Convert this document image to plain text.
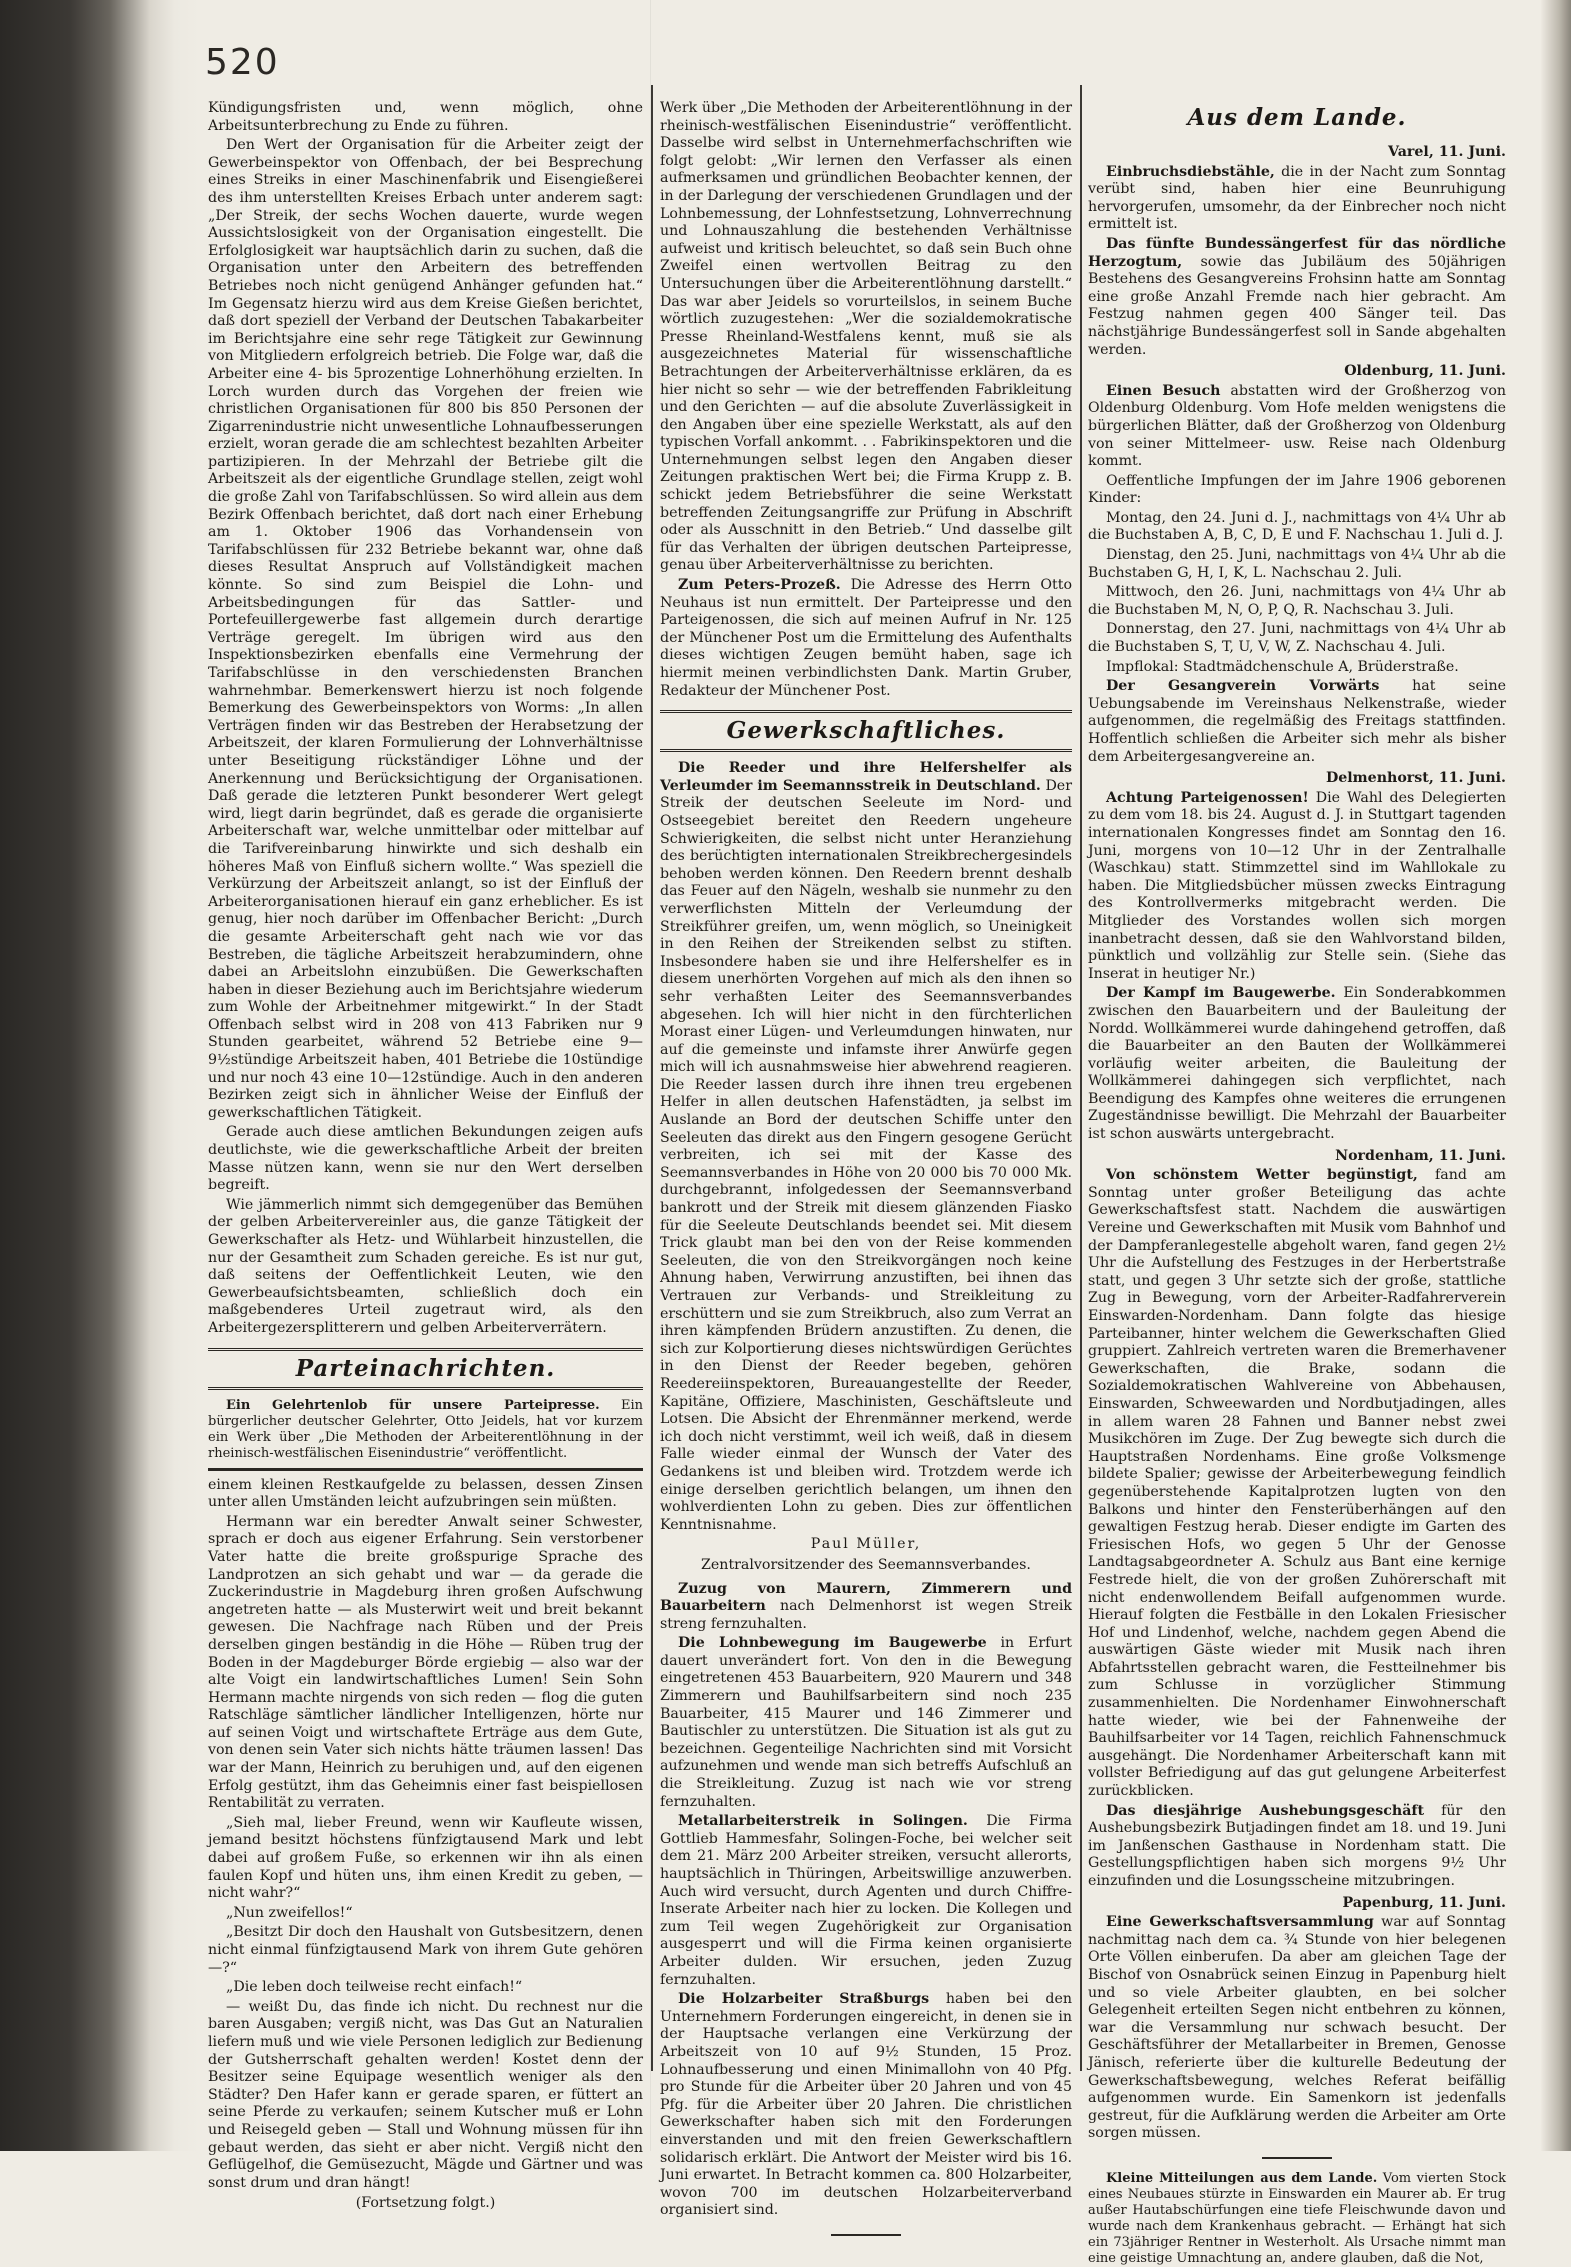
520

Kündigungsfristen und, wenn möglich, ohne Arbeitsunterbrechung zu Ende zu führen.

Den Wert der Organisation für die Arbeiter zeigt der Gewerbeinspektor von Offenbach, der bei Besprechung eines Streiks in einer Maschinenfabrik und Eisengießerei des ihm unterstellten Kreises Erbach unter anderem sagt: „Der Streik, der sechs Wochen dauerte, wurde wegen Aussichtslosigkeit von der Organisation eingestellt. Die Erfolglosigkeit war hauptsächlich darin zu suchen, daß die Organisation unter den Arbeitern des betreffenden Betriebes noch nicht genügend Anhänger gefunden hat.“ Im Gegensatz hierzu wird aus dem Kreise Gießen berichtet, daß dort speziell der Verband der Deutschen Tabakarbeiter im Berichtsjahre eine sehr rege Tätigkeit zur Gewinnung von Mitgliedern erfolgreich betrieb. Die Folge war, daß die Arbeiter eine 4- bis 5prozentige Lohnerhöhung erzielten. In Lorch wurden durch das Vorgehen der freien wie christlichen Organisationen für 800 bis 850 Personen der Zigarrenindustrie nicht unwesentliche Lohnaufbesserungen erzielt, woran gerade die am schlechtest bezahlten Arbeiter partizipieren. In der Mehrzahl der Betriebe gilt die Arbeitszeit als der eigentliche Grundlage stellen, zeigt wohl die große Zahl von Tarifabschlüssen. So wird allein aus dem Bezirk Offenbach berichtet, daß dort nach einer Erhebung am 1. Oktober 1906 das Vorhandensein von Tarifabschlüssen für 232 Betriebe bekannt war, ohne daß dieses Resultat Anspruch auf Vollständigkeit machen könnte. So sind zum Beispiel die Lohn- und Arbeitsbedingungen für das Sattler- und Portefeuillergewerbe fast allgemein durch derartige Verträge geregelt. Im übrigen wird aus den Inspektionsbezirken ebenfalls eine Vermehrung der Tarifabschlüsse in den verschiedensten Branchen wahrnehmbar. Bemerkenswert hierzu ist noch folgende Bemerkung des Gewerbeinspektors von Worms: „In allen Verträgen finden wir das Bestreben der Herabsetzung der Arbeitszeit, der klaren Formulierung der Lohnverhältnisse unter Beseitigung rückständiger Löhne und der Anerkennung und Berücksichtigung der Organisationen. Daß gerade die letzteren Punkt besonderer Wert gelegt wird, liegt darin begründet, daß es gerade die organisierte Arbeiterschaft war, welche unmittelbar oder mittelbar auf die Tarifvereinbarung hinwirkte und sich deshalb ein höheres Maß von Einfluß sichern wollte.“ Was speziell die Verkürzung der Arbeitszeit anlangt, so ist der Einfluß der Arbeiterorganisationen hierauf ein ganz erheblicher. Es ist genug, hier noch darüber im Offenbacher Bericht: „Durch die gesamte Arbeiterschaft geht nach wie vor das Bestreben, die tägliche Arbeitszeit herabzumindern, ohne dabei an Arbeitslohn einzubüßen. Die Gewerkschaften haben in dieser Beziehung auch im Berichtsjahre wiederum zum Wohle der Arbeitnehmer mitgewirkt.“ In der Stadt Offenbach selbst wird in 208 von 413 Fabriken nur 9 Stunden gearbeitet, während 52 Betriebe eine 9—9½stündige Arbeitszeit haben, 401 Betriebe die 10stündige und nur noch 43 eine 10—12stündige. Auch in den anderen Bezirken zeigt sich in ähnlicher Weise der Einfluß der gewerkschaftlichen Tätigkeit.

Gerade auch diese amtlichen Bekundungen zeigen aufs deutlichste, wie die gewerkschaftliche Arbeit der breiten Masse nützen kann, wenn sie nur den Wert derselben begreift.

Wie jämmerlich nimmt sich demgegenüber das Bemühen der gelben Arbeitervereinler aus, die ganze Tätigkeit der Gewerkschafter als Hetz- und Wühlarbeit hinzustellen, die nur der Gesamtheit zum Schaden gereiche. Es ist nur gut, daß seitens der Oeffentlichkeit Leuten, wie den Gewerbeaufsichtsbeamten, schließlich doch ein maßgebenderes Urteil zugetraut wird, als den Arbeitergezersplitterern und gelben Arbeiterverrätern.

Parteinachrichten.

Ein Gelehrtenlob für unsere Parteipresse. Ein bürgerlicher deutscher Gelehrter, Otto Jeidels, hat vor kurzem ein Werk über „Die Methoden der Arbeiterentlöhnung in der rheinisch-westfälischen Eisenindustrie“ veröffentlicht.

einem kleinen Restkaufgelde zu belassen, dessen Zinsen unter allen Umständen leicht aufzubringen sein müßten.

Hermann war ein beredter Anwalt seiner Schwester, sprach er doch aus eigener Erfahrung. Sein verstorbener Vater hatte die breite großspurige Sprache des Landprotzen an sich gehabt und war — da gerade die Zuckerindustrie in Magdeburg ihren großen Aufschwung angetreten hatte — als Musterwirt weit und breit bekannt gewesen. Die Nachfrage nach Rüben und der Preis derselben gingen beständig in die Höhe — Rüben trug der Boden in der Magdeburger Börde ergiebig — also war der alte Voigt ein landwirtschaftliches Lumen! Sein Sohn Hermann machte nirgends von sich reden — flog die guten Ratschläge sämtlicher ländlicher Intelligenzen, hörte nur auf seinen Voigt und wirtschaftete Erträge aus dem Gute, von denen sein Vater sich nichts hätte träumen lassen! Das war der Mann, Heinrich zu beruhigen und, auf den eigenen Erfolg gestützt, ihm das Geheimnis einer fast beispiellosen Rentabilität zu verraten.

„Sieh mal, lieber Freund, wenn wir Kaufleute wissen, jemand besitzt höchstens fünfzigtausend Mark und lebt dabei auf großem Fuße, so erkennen wir ihn als einen faulen Kopf und hüten uns, ihm einen Kredit zu geben, — nicht wahr?“

„Nun zweifellos!“

„Besitzt Dir doch den Haushalt von Gutsbesitzern, denen nicht einmal fünfzigtausend Mark von ihrem Gute gehören —?“

„Die leben doch teilweise recht einfach!“

— weißt Du, das finde ich nicht. Du rechnest nur die baren Ausgaben; vergiß nicht, was Das Gut an Naturalien liefern muß und wie viele Personen lediglich zur Bedienung der Gutsherrschaft gehalten werden! Kostet denn der Besitzer seine Equipage wesentlich weniger als den Städter? Den Hafer kann er gerade sparen, er füttert an seine Pferde zu verkaufen; seinem Kutscher muß er Lohn und Reisegeld geben — Stall und Wohnung müssen für ihn gebaut werden, das sieht er aber nicht. Vergiß nicht den Geflügelhof, die Gemüsezucht, Mägde und Gärtner und was sonst drum und dran hängt!

(Fortsetzung folgt.)

Werk über „Die Methoden der Arbeiterentlöhnung in der rheinisch-westfälischen Eisenindustrie“ veröffentlicht. Dasselbe wird selbst in Unternehmerfachschriften wie folgt gelobt: „Wir lernen den Verfasser als einen aufmerksamen und gründlichen Beobachter kennen, der in der Darlegung der verschiedenen Grundlagen und der Lohnbemessung, der Lohnfestsetzung, Lohnverrechnung und Lohnauszahlung die bestehenden Verhältnisse aufweist und kritisch beleuchtet, so daß sein Buch ohne Zweifel einen wertvollen Beitrag zu den Untersuchungen über die Arbeiterentlöhnung darstellt.“ Das war aber Jeidels so vorurteilslos, in seinem Buche wörtlich zuzugestehen: „Wer die sozialdemokratische Presse Rheinland-Westfalens kennt, muß sie als ausgezeichnetes Material für wissenschaftliche Betrachtungen der Arbeiterverhältnisse erklären, da es hier nicht so sehr — wie der betreffenden Fabrikleitung und den Gerichten — auf die absolute Zuverlässigkeit in den Angaben über eine spezielle Werkstatt, als auf den typischen Vorfall ankommt. . . Fabrikinspektoren und die Unternehmungen selbst legen den Angaben dieser Zeitungen praktischen Wert bei; die Firma Krupp z. B. schickt jedem Betriebsführer die seine Werkstatt betreffenden Zeitungsangriffe zur Prüfung in Abschrift oder als Ausschnitt in den Betrieb.“ Und dasselbe gilt für das Verhalten der übrigen deutschen Parteipresse, genau über Arbeiterverhältnisse zu berichten.

Zum Peters-Prozeß. Die Adresse des Herrn Otto Neuhaus ist nun ermittelt. Der Parteipresse und den Parteigenossen, die sich auf meinen Aufruf in Nr. 125 der Münchener Post um die Ermittelung des Aufenthalts dieses wichtigen Zeugen bemüht haben, sage ich hiermit meinen verbindlichsten Dank. Martin Gruber, Redakteur der Münchener Post.

Gewerkschaftliches.

Die Reeder und ihre Helfershelfer als Verleumder im Seemannsstreik in Deutschland. Der Streik der deutschen Seeleute im Nord- und Ostseegebiet bereitet den Reedern ungeheure Schwierigkeiten, die selbst nicht unter Heranziehung des berüchtigten internationalen Streikbrechergesindels behoben werden können. Den Reedern brennt deshalb das Feuer auf den Nägeln, weshalb sie nunmehr zu den verwerflichsten Mitteln der Verleumdung der Streikführer greifen, um, wenn möglich, so Uneinigkeit in den Reihen der Streikenden selbst zu stiften. Insbesondere haben sie und ihre Helfershelfer es in diesem unerhörten Vorgehen auf mich als den ihnen so sehr verhaßten Leiter des Seemannsverbandes abgesehen. Ich will hier nicht in den fürchterlichen Morast einer Lügen- und Verleumdungen hinwaten, nur auf die gemeinste und infamste ihrer Anwürfe gegen mich will ich ausnahmsweise hier abwehrend reagieren. Die Reeder lassen durch ihre ihnen treu ergebenen Helfer in allen deutschen Hafenstädten, ja selbst im Auslande an Bord der deutschen Schiffe unter den Seeleuten das direkt aus den Fingern gesogene Gerücht verbreiten, ich sei mit der Kasse des Seemannsverbandes in Höhe von 20 000 bis 70 000 Mk. durchgebrannt, infolgedessen der Seemannsverband bankrott und der Streik mit diesem glänzenden Fiasko für die Seeleute Deutschlands beendet sei. Mit diesem Trick glaubt man bei den von der Reise kommenden Seeleuten, die von den Streikvorgängen noch keine Ahnung haben, Verwirrung anzustiften, bei ihnen das Vertrauen zur Verbands- und Streikleitung zu erschüttern und sie zum Streikbruch, also zum Verrat an ihren kämpfenden Brüdern anzustiften. Zu denen, die sich zur Kolportierung dieses nichtswürdigen Gerüchtes in den Dienst der Reeder begeben, gehören Reedereiinspektoren, Bureauangestellte der Reeder, Kapitäne, Offiziere, Maschinisten, Geschäftsleute und Lotsen. Die Absicht der Ehrenmänner merkend, werde ich doch nicht verstimmt, weil ich weiß, daß in diesem Falle wieder einmal der Wunsch der Vater des Gedankens ist und bleiben wird. Trotzdem werde ich einige derselben gerichtlich belangen, um ihnen den wohlverdienten Lohn zu geben. Dies zur öffentlichen Kenntnisnahme.

Paul Müller,

Zentralvorsitzender des Seemannsverbandes.

Zuzug von Maurern, Zimmerern und Bauarbeitern nach Delmenhorst ist wegen Streik streng fernzuhalten.

Die Lohnbewegung im Baugewerbe in Erfurt dauert unverändert fort. Von den in die Bewegung eingetretenen 453 Bauarbeitern, 920 Maurern und 348 Zimmerern und Bauhilfsarbeitern sind noch 235 Bauarbeiter, 415 Maurer und 146 Zimmerer und Bautischler zu unterstützen. Die Situation ist als gut zu bezeichnen. Gegenteilige Nachrichten sind mit Vorsicht aufzunehmen und wende man sich betreffs Aufschluß an die Streikleitung. Zuzug ist nach wie vor streng fernzuhalten.

Metallarbeiterstreik in Solingen. Die Firma Gottlieb Hammesfahr, Solingen-Foche, bei welcher seit dem 21. März 200 Arbeiter streiken, versucht allerorts, hauptsächlich in Thüringen, Arbeitswillige anzuwerben. Auch wird versucht, durch Agenten und durch Chiffre-Inserate Arbeiter nach hier zu locken. Die Kollegen und zum Teil wegen Zugehörigkeit zur Organisation ausgesperrt und will die Firma keinen organisierte Arbeiter dulden. Wir ersuchen, jeden Zuzug fernzuhalten.

Die Holzarbeiter Straßburgs haben bei den Unternehmern Forderungen eingereicht, in denen sie in der Hauptsache verlangen eine Verkürzung der Arbeitszeit von 10 auf 9½ Stunden, 15 Proz. Lohnaufbesserung und einen Minimallohn von 40 Pfg. pro Stunde für die Arbeiter über 20 Jahren und von 45 Pfg. für die Arbeiter über 20 Jahren. Die christlichen Gewerkschafter haben sich mit den Forderungen einverstanden und mit den freien Gewerkschaftlern solidarisch erklärt. Die Antwort der Meister wird bis 16. Juni erwartet. In Betracht kommen ca. 800 Holzarbeiter, wovon 700 im deutschen Holzarbeiterverband organisiert sind.

Aus dem Lande.

Varel, 11. Juni.

Einbruchsdiebstähle, die in der Nacht zum Sonntag verübt sind, haben hier eine Beunruhigung hervorgerufen, umsomehr, da der Einbrecher noch nicht ermittelt ist.

Das fünfte Bundessängerfest für das nördliche Herzogtum, sowie das Jubiläum des 50jährigen Bestehens des Gesangvereins Frohsinn hatte am Sonntag eine große Anzahl Fremde nach hier gebracht. Am Festzug nahmen gegen 400 Sänger teil. Das nächstjährige Bundessängerfest soll in Sande abgehalten werden.

Oldenburg, 11. Juni.

Einen Besuch abstatten wird der Großherzog von Oldenburg Oldenburg. Vom Hofe melden wenigstens die bürgerlichen Blätter, daß der Großherzog von Oldenburg von seiner Mittelmeer- usw. Reise nach Oldenburg kommt.

Oeffentliche Impfungen der im Jahre 1906 geborenen Kinder:

Montag, den 24. Juni d. J., nachmittags von 4¼ Uhr ab die Buchstaben A, B, C, D, E und F. Nachschau 1. Juli d. J.

Dienstag, den 25. Juni, nachmittags von 4¼ Uhr ab die Buchstaben G, H, I, K, L. Nachschau 2. Juli.

Mittwoch, den 26. Juni, nachmittags von 4¼ Uhr ab die Buchstaben M, N, O, P, Q, R. Nachschau 3. Juli.

Donnerstag, den 27. Juni, nachmittags von 4¼ Uhr ab die Buchstaben S, T, U, V, W, Z. Nachschau 4. Juli.

Impflokal: Stadtmädchenschule A, Brüderstraße.

Der Gesangverein Vorwärts hat seine Uebungsabende im Vereinshaus Nelkenstraße, wieder aufgenommen, die regelmäßig des Freitags stattfinden. Hoffentlich schließen die Arbeiter sich mehr als bisher dem Arbeitergesangvereine an.

Delmenhorst, 11. Juni.

Achtung Parteigenossen! Die Wahl des Delegierten zu dem vom 18. bis 24. August d. J. in Stuttgart tagenden internationalen Kongresses findet am Sonntag den 16. Juni, morgens von 10—12 Uhr in der Zentralhalle (Waschkau) statt. Stimmzettel sind im Wahllokale zu haben. Die Mitgliedsbücher müssen zwecks Eintragung des Kontrollvermerks mitgebracht werden. Die Mitglieder des Vorstandes wollen sich morgen inanbetracht dessen, daß sie den Wahlvorstand bilden, pünktlich und vollzählig zur Stelle sein. (Siehe das Inserat in heutiger Nr.)

Der Kampf im Baugewerbe. Ein Sonderabkommen zwischen den Bauarbeitern und der Bauleitung der Nordd. Wollkämmerei wurde dahingehend getroffen, daß die Bauarbeiter an den Bauten der Wollkämmerei vorläufig weiter arbeiten, die Bauleitung der Wollkämmerei dahingegen sich verpflichtet, nach Beendigung des Kampfes ohne weiteres die errungenen Zugeständnisse bewilligt. Die Mehrzahl der Bauarbeiter ist schon auswärts untergebracht.

Nordenham, 11. Juni.

Von schönstem Wetter begünstigt, fand am Sonntag unter großer Beteiligung das achte Gewerkschaftsfest statt. Nachdem die auswärtigen Vereine und Gewerkschaften mit Musik vom Bahnhof und der Dampferanlegestelle abgeholt waren, fand gegen 2½ Uhr die Aufstellung des Festzuges in der Herbertstraße statt, und gegen 3 Uhr setzte sich der große, stattliche Zug in Bewegung, vorn der Arbeiter-Radfahrerverein Einswarden-Nordenham. Dann folgte das hiesige Parteibanner, hinter welchem die Gewerkschaften Glied gruppiert. Zahlreich vertreten waren die Bremerhavener Gewerkschaften, die Brake, sodann die Sozialdemokratischen Wahlvereine von Abbehausen, Einswarden, Schweewarden und Nordbutjadingen, alles in allem waren 28 Fahnen und Banner nebst zwei Musikchören im Zuge. Der Zug bewegte sich durch die Hauptstraßen Nordenhams. Eine große Volksmenge bildete Spalier; gewisse der Arbeiterbewegung feindlich gegenüberstehende Kapitalprotzen lugten von den Balkons und hinter den Fensterüberhängen auf den gewaltigen Festzug herab. Dieser endigte im Garten des Friesischen Hofs, wo gegen 5 Uhr der Genosse Landtagsabgeordneter A. Schulz aus Bant eine kernige Festrede hielt, die von der großen Zuhörerschaft mit nicht endenwollendem Beifall aufgenommen wurde. Hierauf folgten die Festbälle in den Lokalen Friesischer Hof und Lindenhof, welche, nachdem gegen Abend die auswärtigen Gäste wieder mit Musik nach ihren Abfahrtsstellen gebracht waren, die Festteilnehmer bis zum Schlusse in vorzüglicher Stimmung zusammenhielten. Die Nordenhamer Einwohnerschaft hatte wieder, wie bei der Fahnenweihe der Bauhilfsarbeiter vor 14 Tagen, reichlich Fahnenschmuck ausgehängt. Die Nordenhamer Arbeiterschaft kann mit vollster Befriedigung auf das gut gelungene Arbeiterfest zurückblicken.

Das diesjährige Aushebungsgeschäft für den Aushebungsbezirk Butjadingen findet am 18. und 19. Juni im Janßenschen Gasthause in Nordenham statt. Die Gestellungspflichtigen haben sich morgens 9½ Uhr einzufinden und die Losungsscheine mitzubringen.

Papenburg, 11. Juni.

Eine Gewerkschaftsversammlung war auf Sonntag nachmittag nach dem ca. ¾ Stunde von hier belegenen Orte Völlen einberufen. Da aber am gleichen Tage der Bischof von Osnabrück seinen Einzug in Papenburg hielt und so viele Arbeiter glaubten, en bei solcher Gelegenheit erteilten Segen nicht entbehren zu können, war die Versammlung nur schwach besucht. Der Geschäftsführer der Metallarbeiter in Bremen, Genosse Jänisch, referierte über die kulturelle Bedeutung der Gewerkschaftsbewegung, welches Referat beifällig aufgenommen wurde. Ein Samenkorn ist jedenfalls gestreut, für die Aufklärung werden die Arbeiter am Orte sorgen müssen.

Kleine Mitteilungen aus dem Lande. Vom vierten Stock eines Neubaues stürzte in Einswarden ein Maurer ab. Er trug außer Hautabschürfungen eine tiefe Fleischwunde davon und wurde nach dem Krankenhaus gebracht. — Erhängt hat sich ein 73jähriger Rentner in Westerholt. Als Ursache nimmt man eine geistige Umnachtung an, andere glauben, daß die Not,
